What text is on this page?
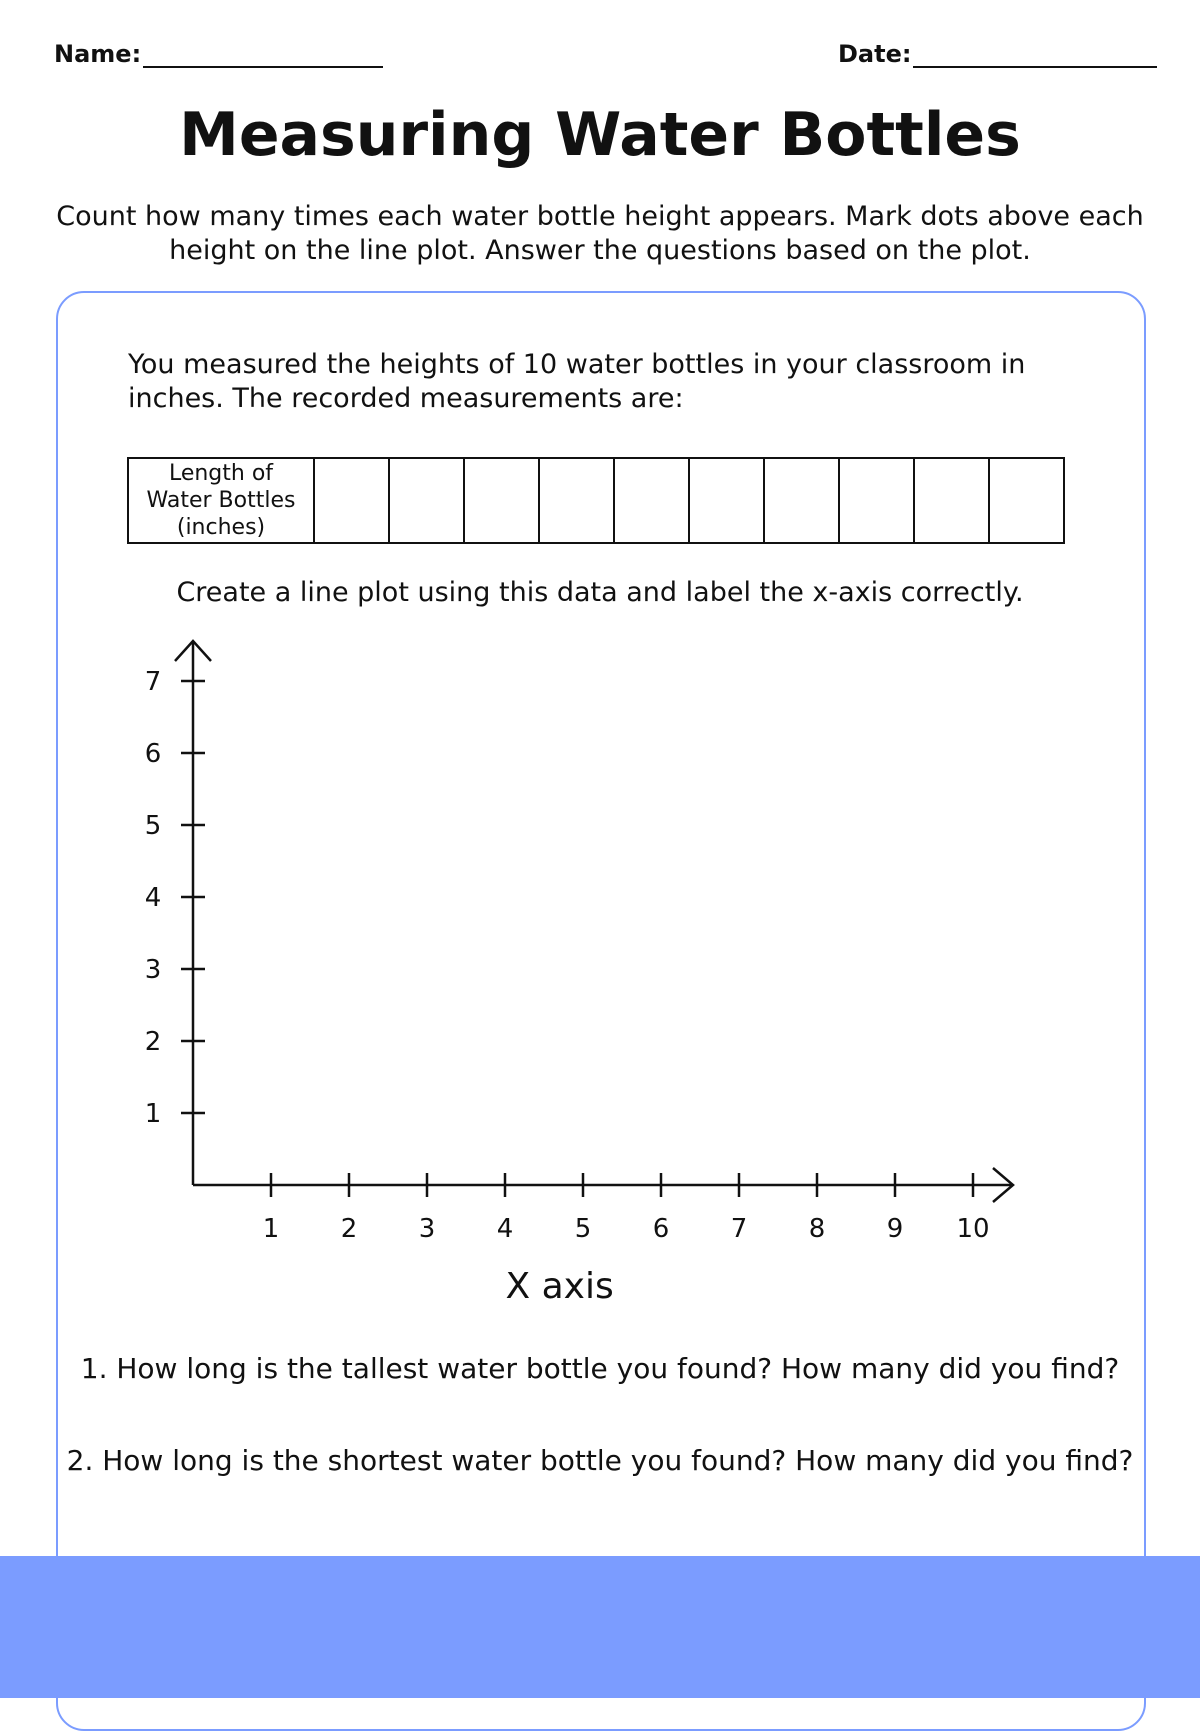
Name:	Date:
Measuring Water Bottles
Count how many times each water bottle height appears. Mark dots above each height on the line plot. Answer the questions based on the plot.
You measured the heights of 10 water bottles in your classroom in inches. The recorded measurements are:
Length of
Water Bottles
(inches)

Create a line plot using this data and label the x-axis correctly.
1 2 3 4 5 6 7 8 9 10
1
2
3
4
5
6
7
X axis
1. How long is the tallest water bottle you found? How many did you find?
2. How long is the shortest water bottle you found? How many did you find?
